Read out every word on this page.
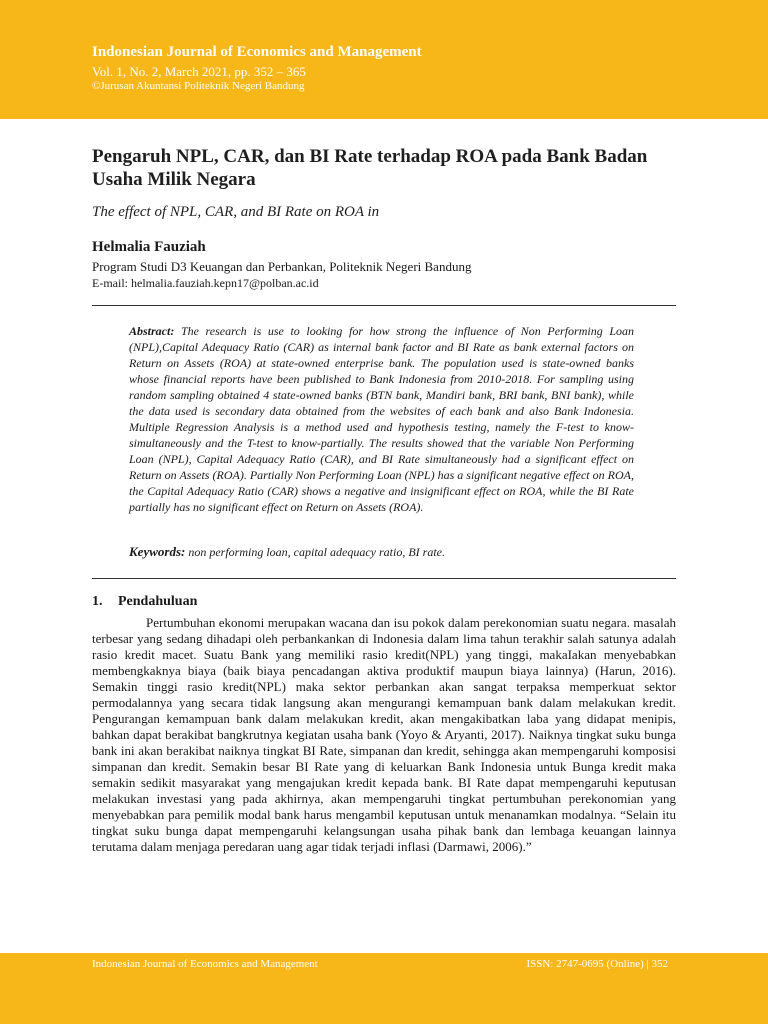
Indonesian Journal of Economics and Management
Vol. 1, No. 2, March 2021, pp. 352 – 365
©Jurusan Akuntansi Politeknik Negeri Bandung
Pengaruh NPL, CAR, dan BI Rate terhadap ROA pada Bank Badan Usaha Milik Negara
The effect of NPL, CAR, and BI Rate on ROA in
Helmalia Fauziah
Program Studi D3 Keuangan dan Perbankan, Politeknik Negeri Bandung
E-mail: helmalia.fauziah.kepn17@polban.ac.id
Abstract: The research is use to looking for how strong the influence of Non Performing Loan (NPL),Capital Adequacy Ratio (CAR) as internal bank factor and BI Rate as bank external factors on Return on Assets (ROA) at state-owned enterprise bank. The population used is state-owned banks whose financial reports have been published to Bank Indonesia from 2010-2018. For sampling using random sampling obtained 4 state-owned banks (BTN bank, Mandiri bank, BRI bank, BNI bank), while the data used is secondary data obtained from the websites of each bank and also Bank Indonesia. Multiple Regression Analysis is a method used and hypothesis testing, namely the F-test to know-simultaneously and the T-test to know-partially. The results showed that the variable Non Performing Loan (NPL), Capital Adequacy Ratio (CAR), and BI Rate simultaneously had a significant effect on Return on Assets (ROA). Partially Non Performing Loan (NPL) has a significant negative effect on ROA, the Capital Adequacy Ratio (CAR) shows a negative and insignificant effect on ROA, while the BI Rate partially has no significant effect on Return on Assets (ROA).
Keywords: non performing loan, capital adequacy ratio, BI rate.
1. Pendahuluan
Pertumbuhan ekonomi merupakan wacana dan isu pokok dalam perekonomian suatu negara. masalah terbesar yang sedang dihadapi oleh perbankankan di Indonesia dalam lima tahun terakhir salah satunya adalah rasio kredit macet. Suatu Bank yang memiliki rasio kredit(NPL) yang tinggi, makaIakan menyebabkan membengkaknya biaya (baik biaya pencadangan aktiva produktif maupun biaya lainnya) (Harun, 2016). Semakin tinggi rasio kredit(NPL) maka sektor perbankan akan sangat terpaksa memperkuat sektor permodalannya yang secara tidak langsung akan mengurangi kemampuan bank dalam melakukan kredit. Pengurangan kemampuan bank dalam melakukan kredit, akan mengakibatkan laba yang didapat menipis, bahkan dapat berakibat bangkrutnya kegiatan usaha bank (Yoyo & Aryanti, 2017). Naiknya tingkat suku bunga bank ini akan berakibat naiknya tingkat BI Rate, simpanan dan kredit, sehingga akan mempengaruhi komposisi simpanan dan kredit. Semakin besar BI Rate yang di keluarkan Bank Indonesia untuk Bunga kredit maka semakin sedikit masyarakat yang mengajukan kredit kepada bank. BI Rate dapat mempengaruhi keputusan melakukan investasi yang pada akhirnya, akan mempengaruhi tingkat pertumbuhan perekonomian yang menyebabkan para pemilik modal bank harus mengambil keputusan untuk menanamkan modalnya. “Selain itu tingkat suku bunga dapat mempengaruhi kelangsungan usaha pihak bank dan lembaga keuangan lainnya terutama dalam menjaga peredaran uang agar tidak terjadi inflasi (Darmawi, 2006).”
Indonesian Journal of Economics and Management	ISSN: 2747-0695 (Online) | 352
